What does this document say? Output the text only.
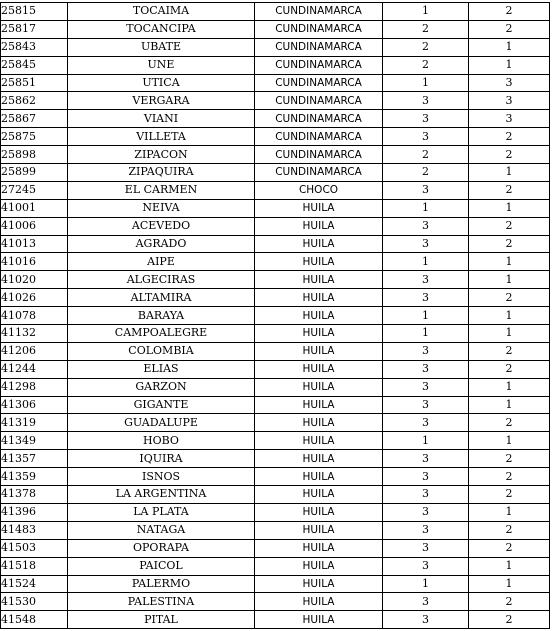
25815	TOCAIMA	CUNDINAMARCA	1	2
25817	TOCANCIPA	CUNDINAMARCA	2	2
25843	UBATE	CUNDINAMARCA	2	1
25845	UNE	CUNDINAMARCA	2	1
25851	UTICA	CUNDINAMARCA	1	3
25862	VERGARA	CUNDINAMARCA	3	3
25867	VIANI	CUNDINAMARCA	3	3
25875	VILLETA	CUNDINAMARCA	3	2
25898	ZIPACON	CUNDINAMARCA	2	2
25899	ZIPAQUIRA	CUNDINAMARCA	2	1
27245	EL CARMEN	CHOCO	3	2
41001	NEIVA	HUILA	1	1
41006	ACEVEDO	HUILA	3	2
41013	AGRADO	HUILA	3	2
41016	AIPE	HUILA	1	1
41020	ALGECIRAS	HUILA	3	1
41026	ALTAMIRA	HUILA	3	2
41078	BARAYA	HUILA	1	1
41132	CAMPOALEGRE	HUILA	1	1
41206	COLOMBIA	HUILA	3	2
41244	ELIAS	HUILA	3	2
41298	GARZON	HUILA	3	1
41306	GIGANTE	HUILA	3	1
41319	GUADALUPE	HUILA	3	2
41349	HOBO	HUILA	1	1
41357	IQUIRA	HUILA	3	2
41359	ISNOS	HUILA	3	2
41378	LA ARGENTINA	HUILA	3	2
41396	LA PLATA	HUILA	3	1
41483	NATAGA	HUILA	3	2
41503	OPORAPA	HUILA	3	2
41518	PAICOL	HUILA	3	1
41524	PALERMO	HUILA	1	1
41530	PALESTINA	HUILA	3	2
41548	PITAL	HUILA	3	2
